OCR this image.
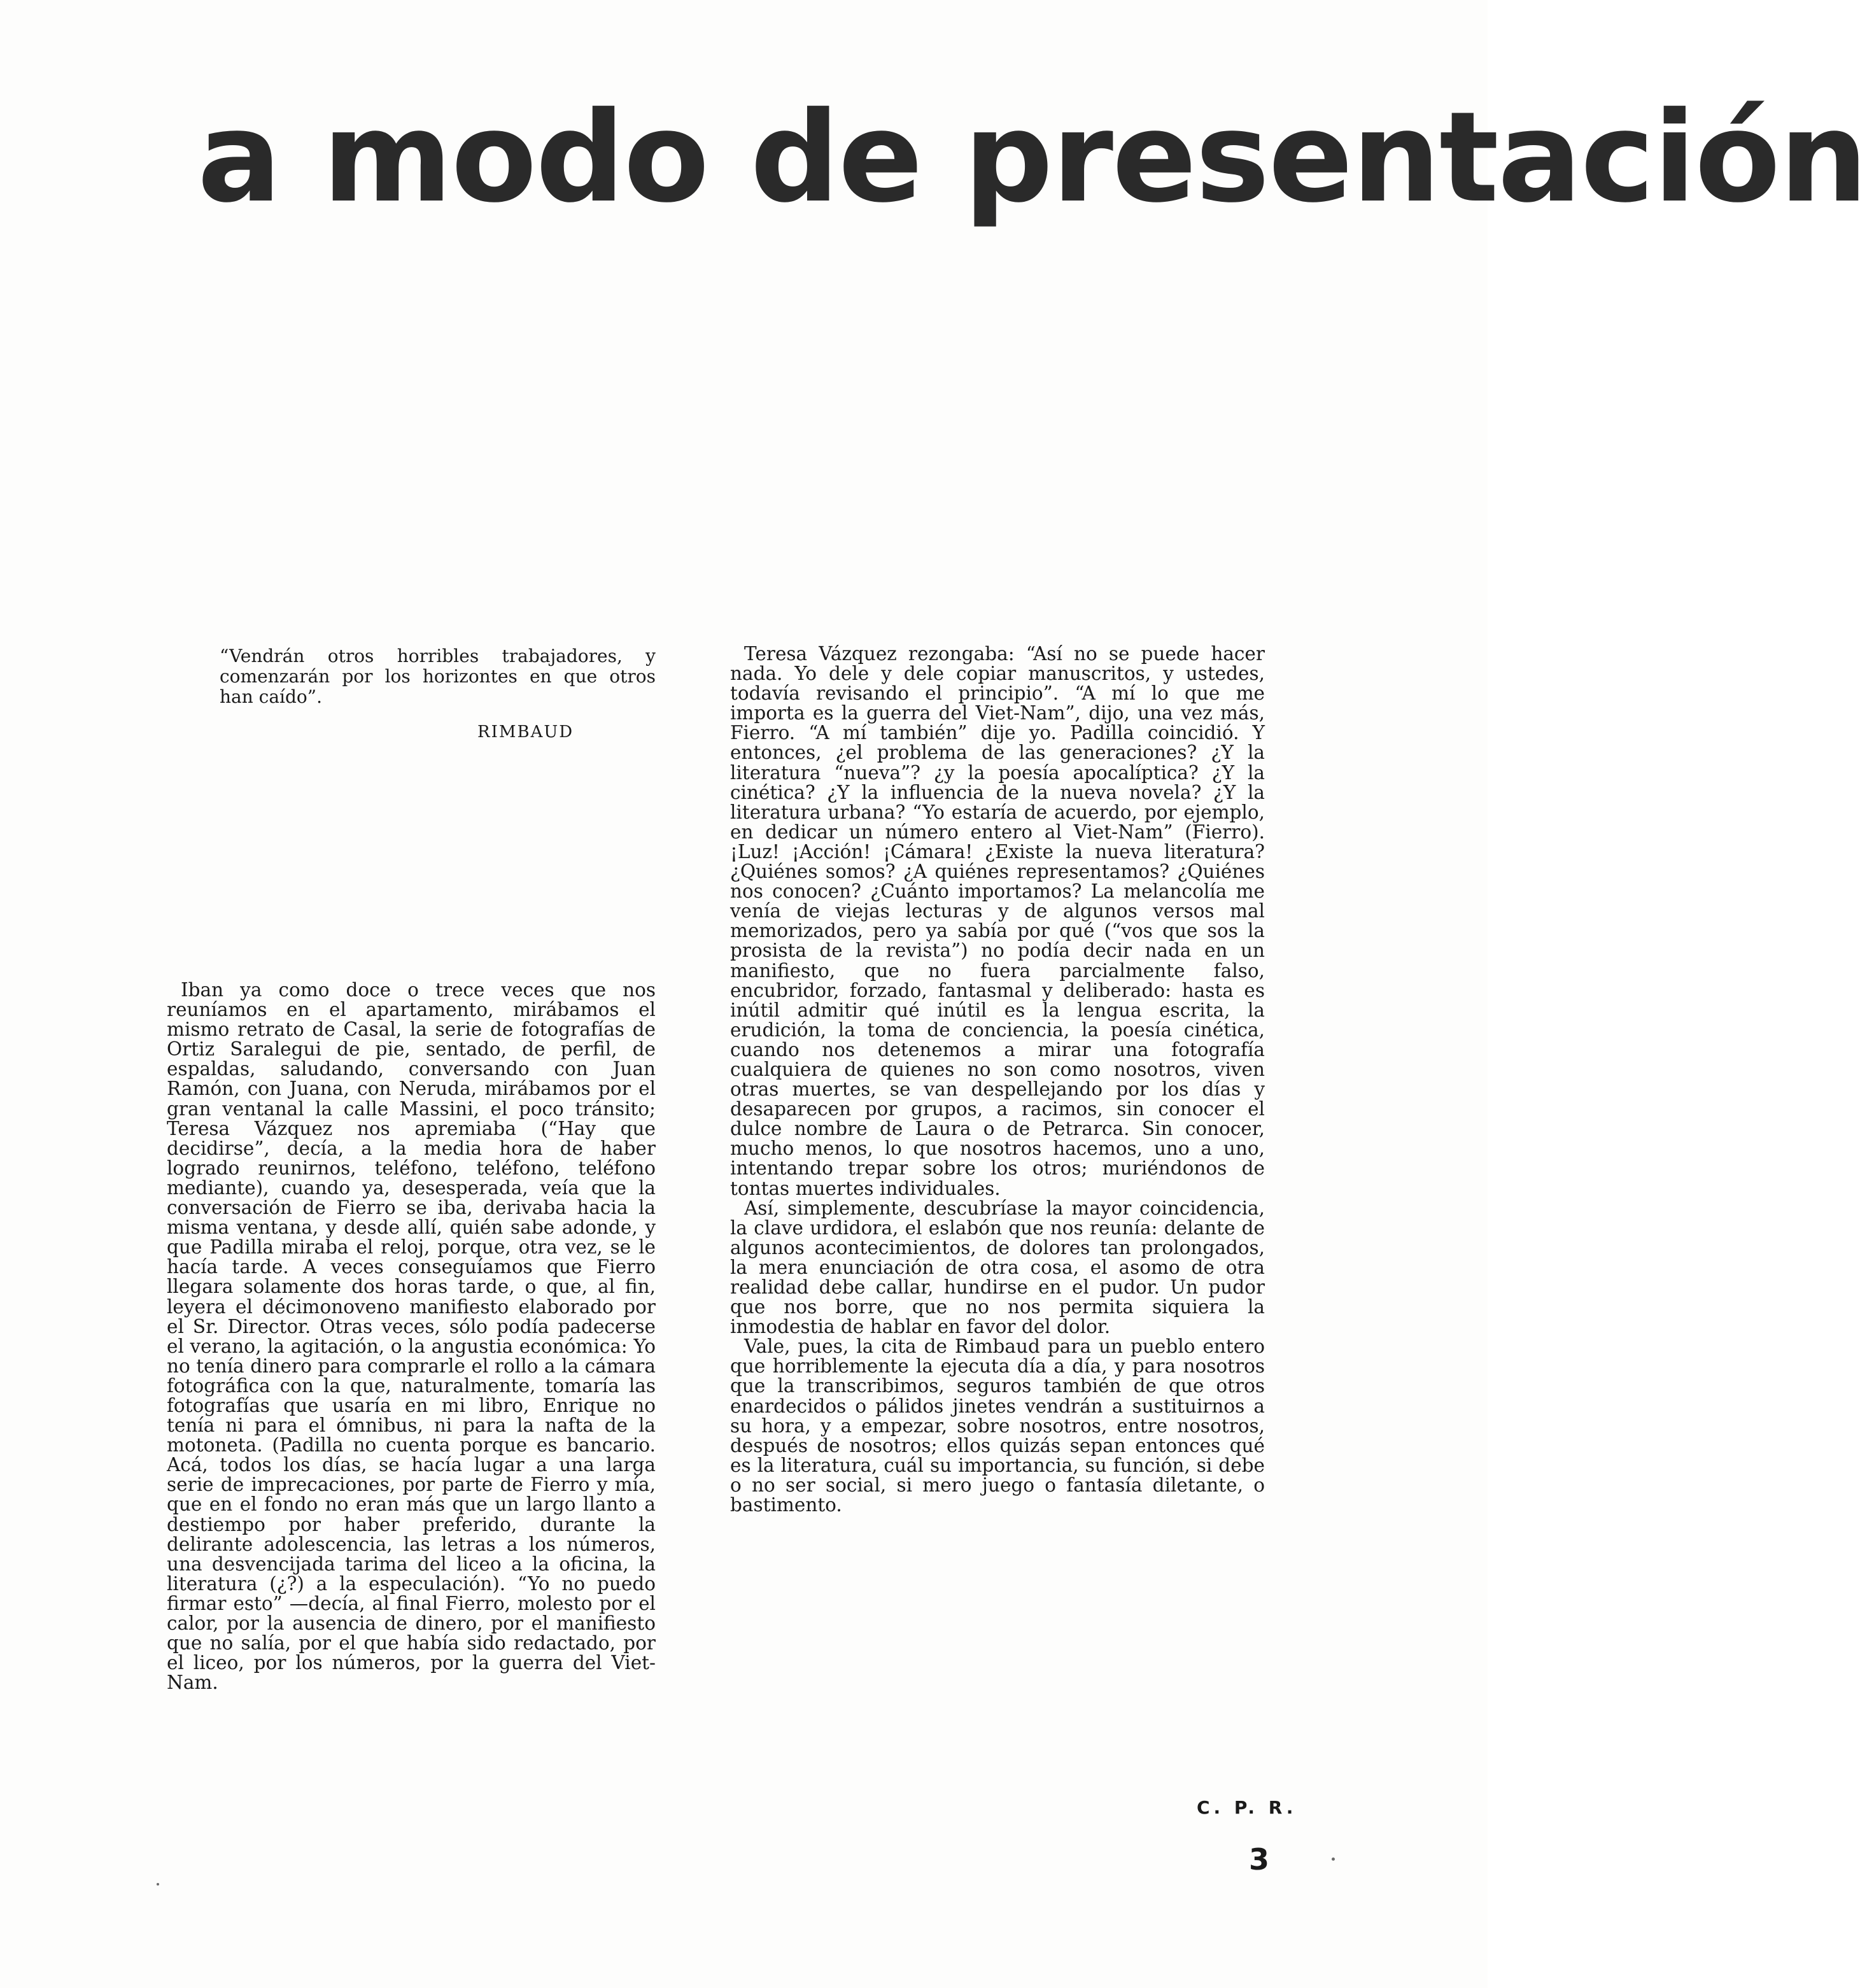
a modo de presentación

“Vendrán otros horribles trabajadores, y comenzarán por los horizontes en que otros han caído”.

RIMBAUD

Iban ya como doce o trece veces que nos reuníamos en el apartamento, mirábamos el mismo retrato de Casal, la serie de fotografías de Ortiz Saralegui de pie, sentado, de perfil, de espaldas, saludando, conversando con Juan Ramón, con Juana, con Neruda, mirábamos por el gran ventanal la calle Massini, el poco tránsito; Teresa Vázquez nos apremiaba (“Hay que decidirse”, decía, a la media hora de haber logrado reunirnos, teléfono, teléfono, teléfono mediante), cuando ya, desesperada, veía que la conversación de Fierro se iba, derivaba hacia la misma ventana, y desde allí, quién sabe adonde, y que Padilla miraba el reloj, porque, otra vez, se le hacía tarde. A veces conseguíamos que Fierro llegara solamente dos horas tarde, o que, al fin, leyera el décimonoveno manifiesto elaborado por el Sr. Director. Otras veces, sólo podía padecerse el verano, la agitación, o la angustia económica: Yo no tenía dinero para comprarle el rollo a la cámara fotográfica con la que, naturalmente, tomaría las fotografías que usaría en mi libro, Enrique no tenía ni para el ómnibus, ni para la nafta de la motoneta. (Padilla no cuenta porque es bancario. Acá, todos los días, se hacía lugar a una larga serie de imprecaciones, por parte de Fierro y mía, que en el fondo no eran más que un largo llanto a destiempo por haber preferido, durante la delirante adolescencia, las letras a los números, una desvencijada tarima del liceo a la oficina, la literatura (¿?) a la especulación). “Yo no puedo firmar esto” —decía, al final Fierro, molesto por el calor, por la ausencia de dinero, por el manifiesto que no salía, por el que había sido redactado, por el liceo, por los números, por la guerra del Viet-Nam.

Teresa Vázquez rezongaba: “Así no se puede hacer nada. Yo dele y dele copiar manuscritos, y ustedes, todavía revisando el principio”. “A mí lo que me importa es la guerra del Viet-Nam”, dijo, una vez más, Fierro. “A mí también” dije yo. Padilla coincidió. Y entonces, ¿el problema de las generaciones? ¿Y la literatura “nueva”? ¿y la poesía apocalíptica? ¿Y la cinética? ¿Y la influencia de la nueva novela? ¿Y la literatura urbana? “Yo estaría de acuerdo, por ejemplo, en dedicar un número entero al Viet-Nam” (Fierro). ¡Luz! ¡Acción! ¡Cámara! ¿Existe la nueva literatura? ¿Quiénes somos? ¿A quiénes representamos? ¿Quiénes nos conocen? ¿Cuánto importamos? La melancolía me venía de viejas lecturas y de algunos versos mal memorizados, pero ya sabía por qué (“vos que sos la prosista de la revista”) no podía decir nada en un manifiesto, que no fuera parcialmente falso, encubridor, forzado, fantasmal y deliberado: hasta es inútil admitir qué inútil es la lengua escrita, la erudición, la toma de conciencia, la poesía cinética, cuando nos detenemos a mirar una fotografía cualquiera de quienes no son como nosotros, viven otras muertes, se van despellejando por los días y desaparecen por grupos, a racimos, sin conocer el dulce nombre de Laura o de Petrarca. Sin conocer, mucho menos, lo que nosotros hacemos, uno a uno, intentando trepar sobre los otros; muriéndonos de tontas muertes individuales.

Así, simplemente, descubríase la mayor coincidencia, la clave urdidora, el eslabón que nos reunía: delante de algunos acontecimientos, de dolores tan prolongados, la mera enunciación de otra cosa, el asomo de otra realidad debe callar, hundirse en el pudor. Un pudor que nos borre, que no nos permita siquiera la inmodestia de hablar en favor del dolor.

Vale, pues, la cita de Rimbaud para un pueblo entero que horriblemente la ejecuta día a día, y para nosotros que la transcribimos, seguros también de que otros enardecidos o pálidos jinetes vendrán a sustituirnos a su hora, y a empezar, sobre nosotros, entre nosotros, después de nosotros; ellos quizás sepan entonces qué es la literatura, cuál su importancia, su función, si debe o no ser social, si mero juego o fantasía diletante, o bastimento.

C. P. R.
3
